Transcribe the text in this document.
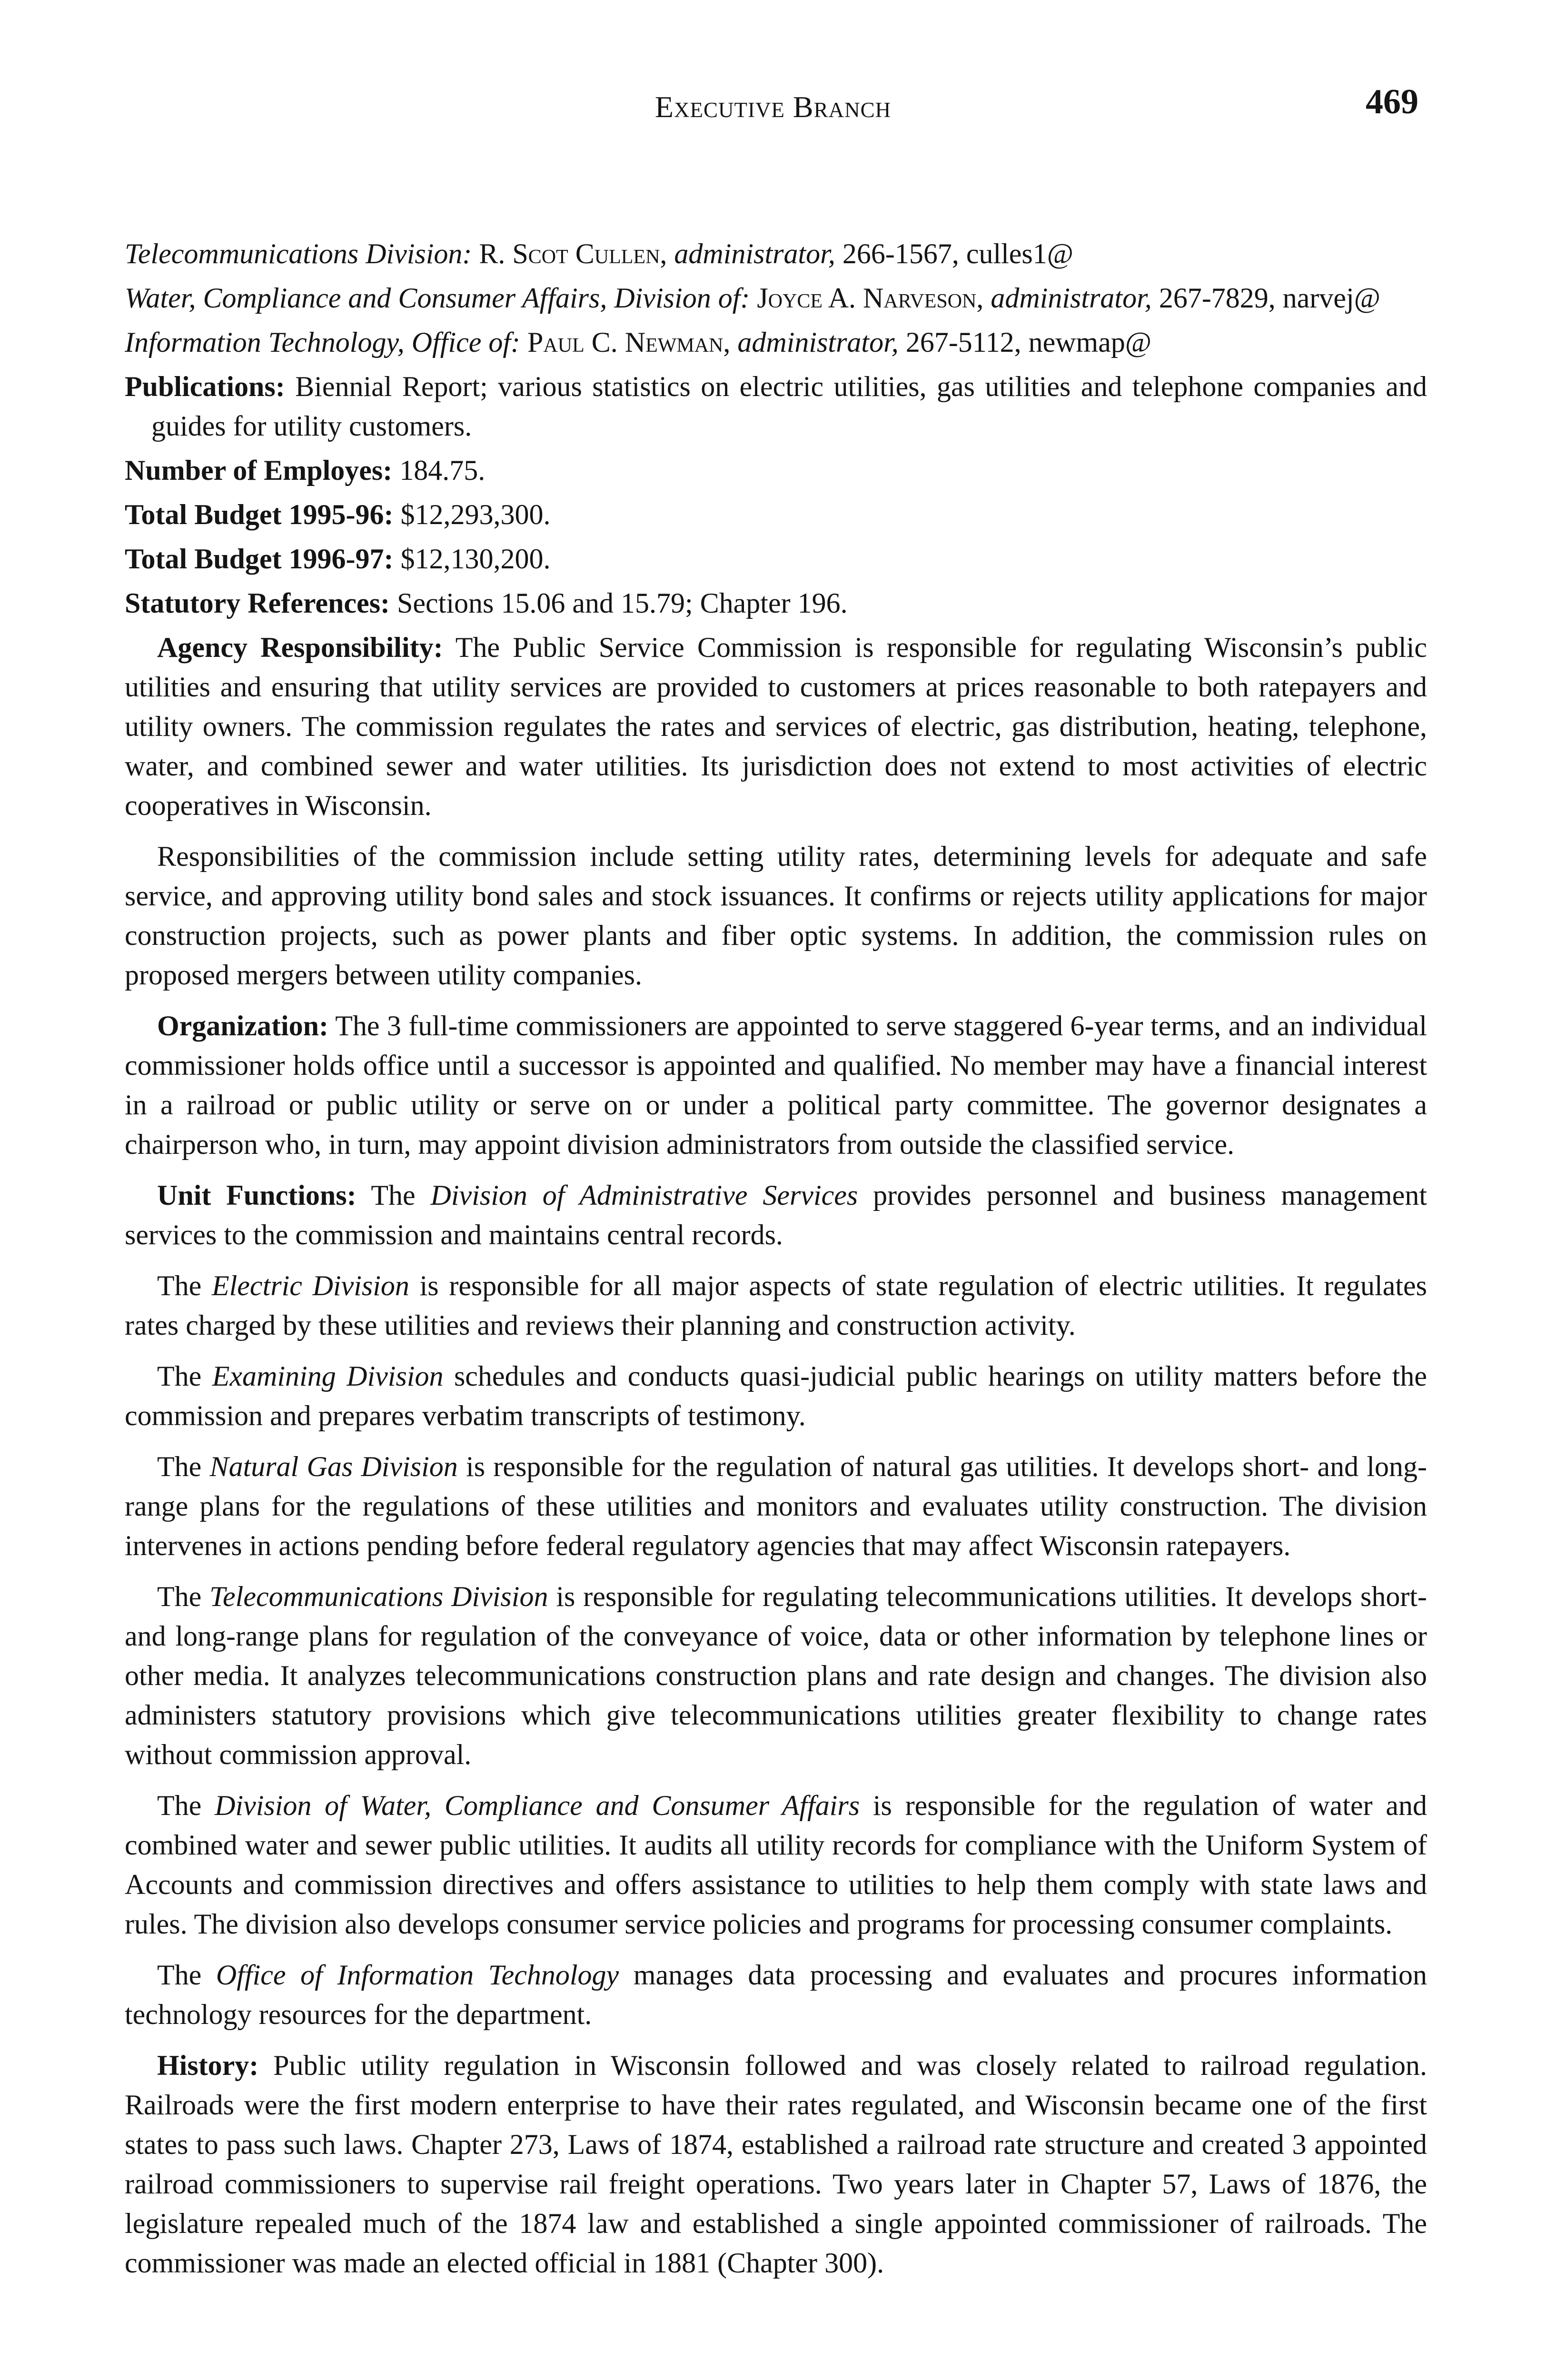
Executive Branch	469
Telecommunications Division: R. Scot Cullen, administrator, 266-1567, culles1@
Water, Compliance and Consumer Affairs, Division of: Joyce A. Narveson, administrator, 267-7829, narvej@
Information Technology, Office of: Paul C. Newman, administrator, 267-5112, newmap@
Publications: Biennial Report; various statistics on electric utilities, gas utilities and telephone companies and guides for utility customers.
Number of Employes: 184.75.
Total Budget 1995-96: $12,293,300.
Total Budget 1996-97: $12,130,200.
Statutory References: Sections 15.06 and 15.79; Chapter 196.

Agency Responsibility: The Public Service Commission is responsible for regulating Wisconsin’s public utilities and ensuring that utility services are provided to customers at prices reasonable to both ratepayers and utility owners. The commission regulates the rates and services of electric, gas distribution, heating, telephone, water, and combined sewer and water utilities. Its jurisdiction does not extend to most activities of electric cooperatives in Wisconsin.

Responsibilities of the commission include setting utility rates, determining levels for adequate and safe service, and approving utility bond sales and stock issuances. It confirms or rejects utility applications for major construction projects, such as power plants and fiber optic systems. In addition, the commission rules on proposed mergers between utility companies.

Organization: The 3 full-time commissioners are appointed to serve staggered 6-year terms, and an individual commissioner holds office until a successor is appointed and qualified. No member may have a financial interest in a railroad or public utility or serve on or under a political party committee. The governor designates a chairperson who, in turn, may appoint division administrators from outside the classified service.

Unit Functions: The Division of Administrative Services provides personnel and business management services to the commission and maintains central records.

The Electric Division is responsible for all major aspects of state regulation of electric utilities. It regulates rates charged by these utilities and reviews their planning and construction activity.

The Examining Division schedules and conducts quasi-judicial public hearings on utility matters before the commission and prepares verbatim transcripts of testimony.

The Natural Gas Division is responsible for the regulation of natural gas utilities. It develops short- and long-range plans for the regulations of these utilities and monitors and evaluates utility construction. The division intervenes in actions pending before federal regulatory agencies that may affect Wisconsin ratepayers.

The Telecommunications Division is responsible for regulating telecommunications utilities. It develops short- and long-range plans for regulation of the conveyance of voice, data or other information by telephone lines or other media. It analyzes telecommunications construction plans and rate design and changes. The division also administers statutory provisions which give telecommunications utilities greater flexibility to change rates without commission approval.

The Division of Water, Compliance and Consumer Affairs is responsible for the regulation of water and combined water and sewer public utilities. It audits all utility records for compliance with the Uniform System of Accounts and commission directives and offers assistance to utilities to help them comply with state laws and rules. The division also develops consumer service policies and programs for processing consumer complaints.

The Office of Information Technology manages data processing and evaluates and procures information technology resources for the department.

History: Public utility regulation in Wisconsin followed and was closely related to railroad regulation. Railroads were the first modern enterprise to have their rates regulated, and Wisconsin became one of the first states to pass such laws. Chapter 273, Laws of 1874, established a railroad rate structure and created 3 appointed railroad commissioners to supervise rail freight operations. Two years later in Chapter 57, Laws of 1876, the legislature repealed much of the 1874 law and established a single appointed commissioner of railroads. The commissioner was made an elected official in 1881 (Chapter 300).
